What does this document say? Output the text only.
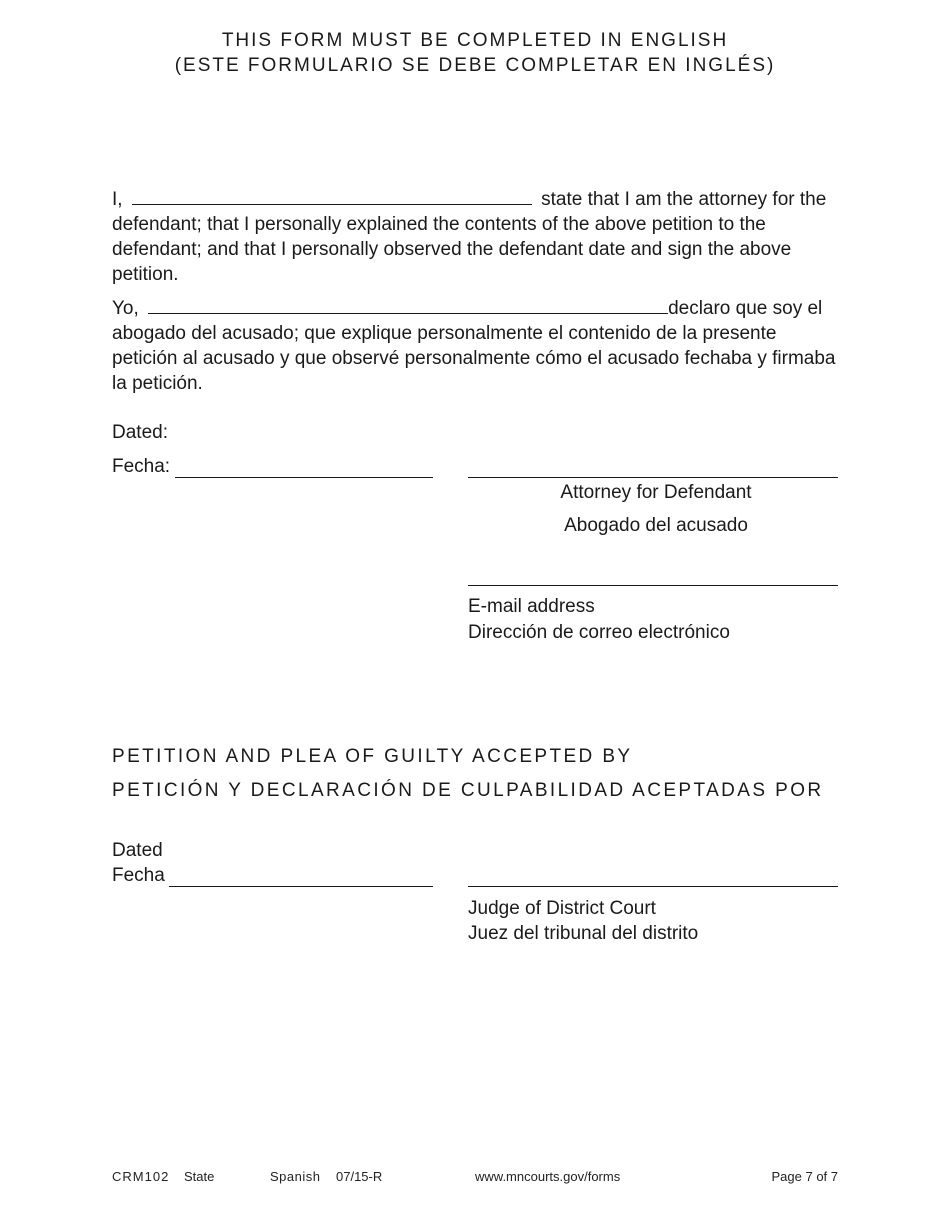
THIS FORM MUST BE COMPLETED IN ENGLISH
(ESTE FORMULARIO SE DEBE COMPLETAR EN INGLÉS)
I,	state that I am the attorney for the defendant; that I personally explained the contents of the above petition to the defendant; and that I personally observed the defendant date and sign the above petition.
Yo,	declaro que soy el abogado del acusado; que explique personalmente el contenido de la presente petición al acusado y que observé personalmente cómo el acusado fechaba y firmaba la petición.
Dated:
Fecha:
Attorney for Defendant
Abogado del acusado
E-mail address
Dirección de correo electrónico
PETITION AND PLEA OF GUILTY ACCEPTED BY
PETICIÓN Y DECLARACIÓN DE CULPABILIDAD ACEPTADAS POR
Dated
Fecha
Judge of District Court
Juez del tribunal del distrito
CRM102 State	Spanish 07/15-R	www.mncourts.gov/forms	Page 7 of 7
